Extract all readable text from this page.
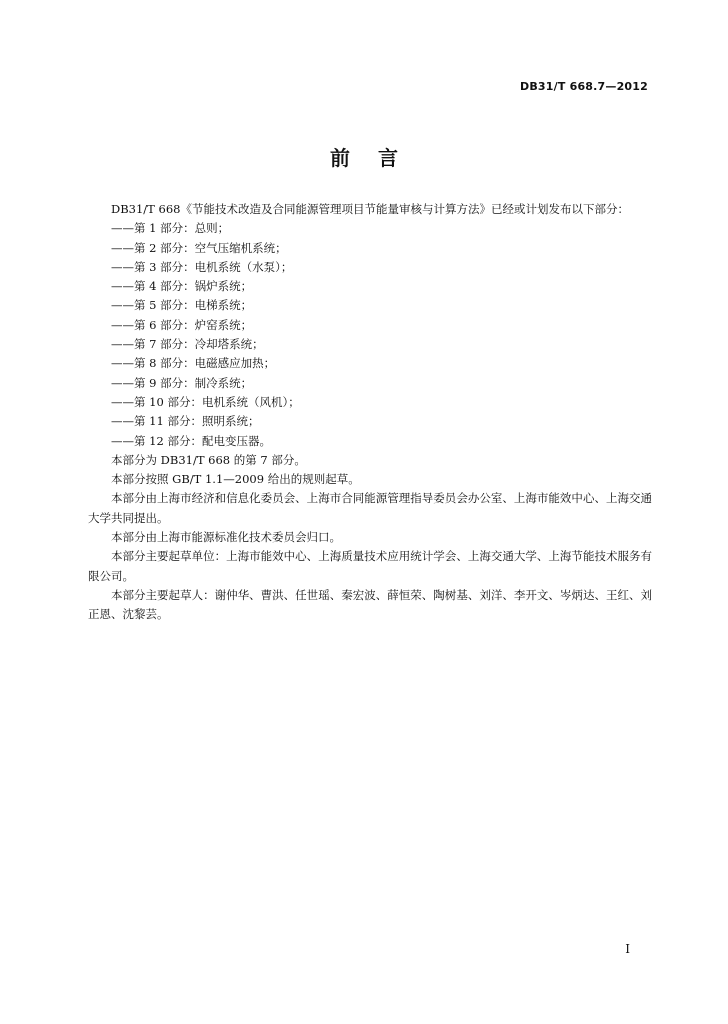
DB31/T 668.7—2012
前 言

DB31/T 668《节能技术改造及合同能源管理项目节能量审核与计算方法》已经或计划发布以下部分：

——第 1 部分：总则；

——第 2 部分：空气压缩机系统；

——第 3 部分：电机系统（水泵）；

——第 4 部分：锅炉系统；

——第 5 部分：电梯系统；

——第 6 部分：炉窑系统；

——第 7 部分：冷却塔系统；

——第 8 部分：电磁感应加热；

——第 9 部分：制冷系统；

——第 10 部分：电机系统（风机）；

——第 11 部分：照明系统；

——第 12 部分：配电变压器。

本部分为 DB31/T 668 的第 7 部分。

本部分按照 GB/T 1.1—2009 给出的规则起草。

本部分由上海市经济和信息化委员会、上海市合同能源管理指导委员会办公室、上海市能效中心、上海交通大学共同提出。

本部分由上海市能源标准化技术委员会归口。

本部分主要起草单位：上海市能效中心、上海质量技术应用统计学会、上海交通大学、上海节能技术服务有限公司。

本部分主要起草人：谢仲华、曹洪、任世瑶、秦宏波、薛恒荣、陶树基、刘洋、李开文、岑炳达、王红、刘正恩、沈黎芸。

I
